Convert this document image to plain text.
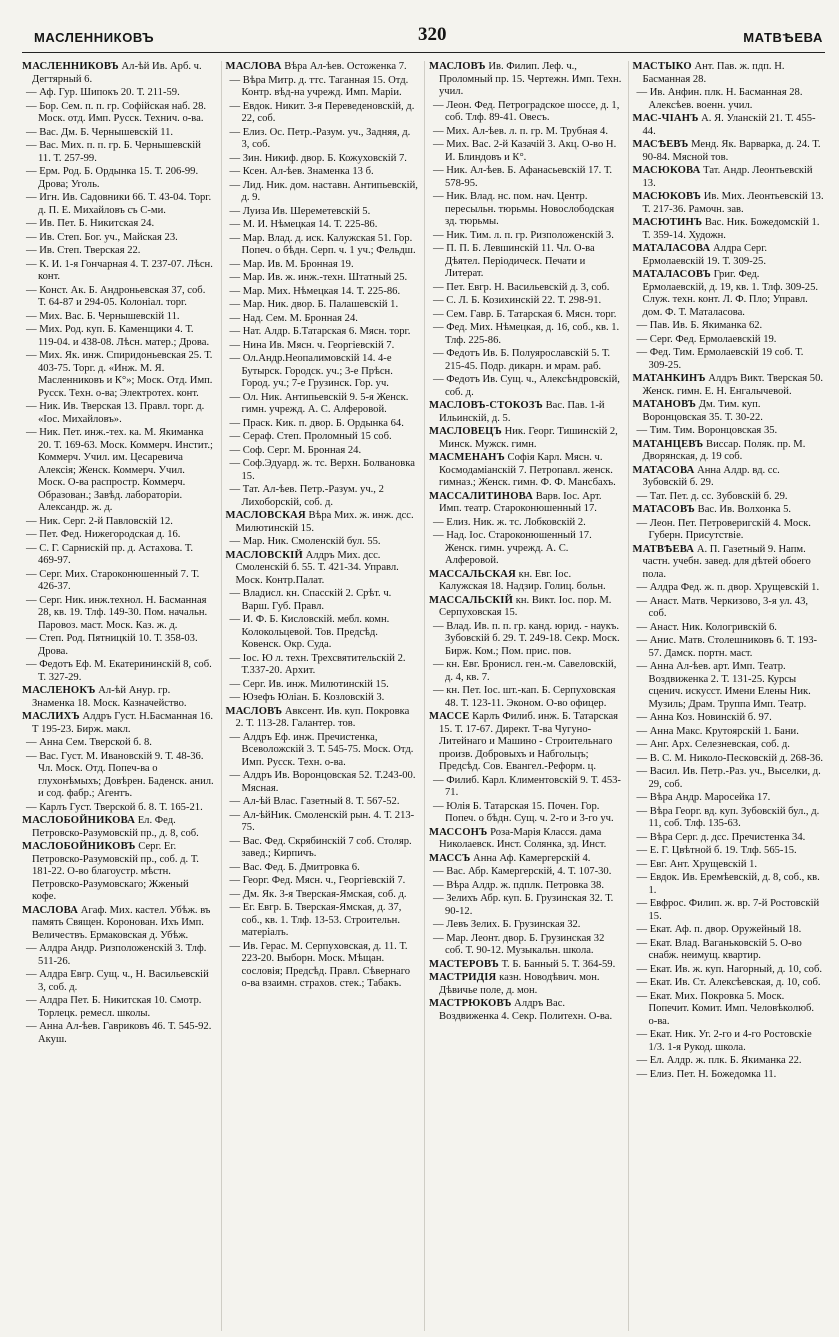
МАСЛЕННИКОВЪ	320	МАТВѢЕВА
МАСЛЕННИКОВЪ Ал-ѣй Ив. Арб. ч. Дегтярный 6.
— Аф. Гур. Шипокъ 20. Т. 211-59.
— Бор. Сем. п. п. гр. Софійская наб. 28. Моск. отд. Имп. Русск. Технич. о-ва.
— Вас. Дм. Б. Чернышевскій 11.
— Вас. Мих. п. п. гр. Б. Чернышевскій 11. Т. 257-99.
— Ерм. Род. Б. Ордынка 15. Т. 206-99. Дрова; Уголь.
— Игн. Ив. Садовники 66. Т. 43-04. Торг. д. П. Е. Михайловъ съ С-ми.
— Ив. Пет. Б. Никитская 24.
— Ив. Степ. Бог. уч., Майская 23.
— Ив. Степ. Тверская 22.
— К. И. 1-я Гончарная 4. Т. 237-07. Лѣсн. конт.
— Конст. Ак. Б. Андроньевская 37, соб. Т. 64-87 и 294-05. Колоніал. торг.
— Мих. Вас. Б. Чернышевскій 11.
— Мих. Род. куп. Б. Каменщики 4. Т. 119-04. и 438-08. Лѣсн. матер.; Дрова.
— Мих. Як. инж. Спиридоньевская 25. Т. 403-75. Торг. д. «Инж. М. Я. Масленниковъ и К°»; Моск. Отд. Имп. Русск. Техн. о-ва; Электротех. конт.
— Ник. Ив. Тверская 13. Правл. торг. д. «Іос. Михайловъ».
— Ник. Пет. инж.-тех. ка. М. Якиманка 20. Т. 169-63. Моск. Коммерч. Инстит.; Коммерч. Учил. им. Цесаревича Алексія; Женск. Коммерч. Учил. Моск. О-ва распростр. Коммерч. Образован.; Завѣд. лабораторіи. Александр. ж. д.
— Ник. Серг. 2-й Павловскій 12.
— Пет. Фед. Нижегородская д. 16.
— С. Г. Сарнискій пр. д. Астахова. Т. 469-97.
— Серг. Мих. Староконюшенный 7. Т. 426-37.
— Серг. Ник. инж.технол. Н. Басманная 28, кв. 19. Тлф. 149-30. Пом. начальн. Паровоз. маст. Моск. Каз. ж. д.
— Степ. Род. Пятницкій 10. Т. 358-03. Дрова.
— Федотъ Еф. М. Екатерининскій 8, соб. Т. 327-29.
МАСЛЕНОКЪ Ал-ѣй Анур. гр. Знаменка 18. Моск. Казначейство.
МАСЛИХЪ Алдръ Густ. Н.Басманная 16. Т 195-23. Бирж. макл.
— Анна Сем. Тверской б. 8.
— Вас. Густ. М. Ивановскій 9. Т. 48-36. Чл. Моск. Отд. Попеч-ва о глухонѣмыхъ; Довѣрен. Баденск. анил. и сод. фабр.; Агентъ.
— Карлъ Густ. Тверской б. 8. Т. 165-21.
МАСЛОБОЙНИКОВА Ел. Фед. Петровско-Разумовскій пр., д. 8, соб.
МАСЛОБОЙНИКОВЪ Серг. Ег. Петровско-Разумовскій пр., соб. д. Т. 181-22. О-во благоустр. мѣстн. Петровско-Разумовскаго; Жженый кофе.
МАСЛОВА Агаф. Мих. кастел. Убѣж. въ память Священ. Коронован. Ихъ Имп. Величествъ. Ермаковская д. Убѣж.
— Алдра Андр. Ризположенскій 3. Тлф. 511-26.
— Алдра Евгр. Сущ. ч., Н. Васильевскій 3, соб. д.
— Алдра Пет. Б. Никитская 10. Смотр. Торлецк. ремесл. школы.
— Анна Ал-ѣев. Гавриковъ 46. Т. 545-92. Акуш.
МАСЛОВА Вѣра Ал-ѣев. Остоженка 7.
— Вѣра Митр. д. ттс. Таганная 15. Отд. Контр. вѣд-на учрежд. Имп. Маріи.
— Евдок. Никит. 3-я Переведеновскій, д. 22, соб.
— Елиз. Ос. Петр.-Разум. уч., Задняя, д. 3, соб.
— Зин. Никиф. двор. Б. Кожуховскій 7.
— Ксен. Ал-ѣев. Знаменка 13 б.
— Лид. Ник. дом. наставн. Антипьевскій, д. 9.
— Луиза Ив. Шереметевскій 5.
— М. И. Нѣмецкая 14. Т. 225-86.
— Мар. Влад. д. иск. Калужская 51. Гор. Попеч. о бѣдн. Серп. ч. 1 уч.; Фельдш.
— Мар. Ив. М. Бронная 19.
— Мар. Ив. ж. инж.-техн. Штатный 25.
— Мар. Мих. Нѣмецкая 14. Т. 225-86.
— Мар. Ник. двор. Б. Палашевскій 1.
— Над. Сем. М. Бронная 24.
— Нат. Алдр. Б.Татарская 6. Мясн. торг.
— Нина Ив. Мясн. ч. Георгіевскій 7.
— Ол.Андр.Неопалимовскій 14. 4-е Бутырск. Городск. уч.; 3-е Прѣсн. Город. уч.; 7-е Грузинск. Гор. уч.
— Ол. Ник. Антипьевскій 9. 5-я Женск. гимн. учрежд. А. С. Алферовой.
— Праск. Кик. п. двор. Б. Ордынка 64.
— Сераф. Степ. Проломный 15 соб.
— Соф. Серг. М. Бронная 24.
— Соф.Эдуард. ж. тс. Верхн. Болвановка 15.
— Тат. Ал-ѣев. Петр.-Разум. уч., 2 Лихоборскій, соб. д.
МАСЛОВСКАЯ Вѣра Мих. ж. инж. дсс. Милютинскій 15.
— Мар. Ник. Смоленскій бул. 55.
МАСЛОВСКІЙ Алдръ Мих. дсс. Смоленскій б. 55. Т. 421-34. Управл. Моск. Контр.Палат.
— Владисл. кн. Спасскій 2. Срѣт. ч. Варш. Губ. Правл.
— И. Ф. Б. Кисловскій. мебл. комн. Колокольцевой. Тов. Предсѣд. Ковенск. Окр. Суда.
— Іос. Ю л. техн. Трехсвятительскій 2. Т.337-20. Архит.
— Серг. Ив. инж. Милютинскій 15.
— Юзефъ Юліан. Б. Козловскій 3.
МАСЛОВЪ Авксент. Ив. куп. Покровка 2. Т. 113-28. Галантер. тов.
— Алдръ Еф. инж. Пречистенка, Всеволожскій 3. Т. 545-75. Моск. Отд. Имп. Русск. Техн. о-ва.
— Алдръ Ив. Воронцовская 52. Т.243-00. Мясная.
— Ал-ѣй Влас. Газетный 8. Т. 567-52.
— Ал-ѣйНик. Смоленскій рын. 4. Т. 213-75.
— Вас. Фед. Скрябинскій 7 соб. Столяр. завед.; Кирпичъ.
— Вас. Фед. Б. Дмитровка 6.
— Георг. Фед. Мясн. ч., Георгіевскій 7.
— Дм. Як. 3-я Тверская-Ямская, соб. д.
— Ег. Евгр. Б. Тверская-Ямская, д. 37, соб., кв. 1. Тлф. 13-53. Строительн. матеріалъ.
— Ив. Герас. М. Серпуховская, д. 11. Т. 223-20. Выборн. Моск. Мѣщан. сословія; Предсѣд. Правл. Сѣвернаго о-ва взаимн. страхов. стек.; Табакъ.
МАСЛОВЪ Ив. Филип. Леф. ч., Проломный пр. 15. Чертежн. Имп. Техн. учил.
— Леон. Фед. Петроградское шоссе, д. 1, соб. Тлф. 89-41. Овесъ.
— Мих. Ал-ѣев. л. п. гр. М. Трубная 4.
— Мих. Вас. 2-й Казачій 3. Акц. О-во Н. И. Блиндовъ и К°.
— Ник. Ал-ѣев. Б. Афанасьевскій 17. Т. 578-95.
— Ник. Влад. нс. пом. нач. Центр. пересыльн. тюрьмы. Новослободская зд. тюрьмы.
— Ник. Тим. л. п. гр. Ризположенскій 3.
— П. П. Б. Левшинскій 11. Чл. О-ва Дѣятел. Періодическ. Печати и Литерат.
— Пет. Евгр. Н. Васильевскій д. 3, соб.
— С. Л. Б. Козихинскій 22. Т. 298-91.
— Сем. Гавр. Б. Татарская 6. Мясн. торг.
— Фед. Мих. Нѣмецкая, д. 16, соб., кв. 1. Тлф. 225-86.
— Федотъ Ив. Б. Полуярославскій 5. Т. 215-45. Подр. дикарн. и мрам. раб.
— Федотъ Ив. Сущ. ч., Алексѣндровскій, соб. д.
МАСЛОВЪ-СТОКОЗЪ Вас. Пав. 1-й Ильинскій, д. 5.
МАСЛОВЕЦЪ Ник. Георг. Тишинскій 2, Минск. Мужск. гимн.
МАСМЕНАНЪ Софія Карл. Мясн. ч. Космодаміанскій 7. Петропавл. женск. гимназ.; Женск. гимн. Ф. Ф. Мансбахъ.
МАССАЛИТИНОВА Варв. Іос. Арт. Имп. театр. Староконюшенный 17.
— Елиз. Ник. ж. тс. Лобковскій 2.
— Над. Іос. Староконюшенный 17. Женск. гимн. учрежд. А. С. Алферовой.
МАССАЛЬСКАЯ кн. Евг. Іос. Калужская 18. Надзир. Голиц. больн.
МАССАЛЬСКІЙ кн. Викт. Іос. пор. М. Серпуховская 15.
— Влад. Ив. п. п. гр. канд. юрид. - наукъ. Зубовскій б. 29. Т. 249-18. Секр. Моск. Бирж. Ком.; Пом. прис. пов.
— кн. Евг. Бронисл. ген.-м. Савеловскій, д. 4, кв. 7.
— кн. Пет. Іос. шт.-кап. Б. Серпуховская 48. Т. 123-11. Эконом. О-во офицер.
МАССЕ Карлъ Филиб. инж. Б. Татарская 15. Т. 17-67. Директ. Т-ва Чугуно-Литейнаго и Машино - Строительнаго произв. Добровыхъ и Набгольцъ; Предсѣд. Сов. Евангел.-Реформ. ц.
— Филиб. Карл. Климентовскій 9. Т. 453-71.
— Юлія Б. Татарская 15. Почен. Гор. Попеч. о бѣдн. Сущ. ч. 2-го и 3-го уч.
МАССОНЪ Роза-Марія Класся. дама Николаевск. Инст. Солянка, зд. Инст.
МАССЪ Анна Аф. Камергерскій 4.
— Вас. Абр. Камергерскій, 4. Т. 107-30.
— Вѣра Алдр. ж. пдплк. Петровка 38.
— Зелихъ Абр. куп. Б. Грузинская 32. Т. 90-12.
— Левъ Зелих. Б. Грузинская 32.
— Мар. Леонт. двор. Б. Грузинская 32 соб. Т. 90-12. Музыкальн. школа.
МАСТЕРОВЪ Т. Б. Банный 5. Т. 364-59.
МАСТРИДІЯ казн. Новодѣвич. мон. Дѣвичье поле, д. мон.
МАСТРЮКОВЪ Алдръ Вас. Воздвиженка 4. Секр. Политехн. О-ва.
МАСТЫКО Ант. Пав. ж. пдп. Н. Басманная 28.
— Ив. Анфин. плк. Н. Басманная 28. Алексѣев. военн. учил.
МАС-ЧІАНЪ А. Я. Уланскій 21. Т. 455-44.
МАСѢЕВЪ Менд. Як. Варварка, д. 24. Т. 90-84. Мясной тов.
МАСЮКОВА Тат. Андр. Леонтьевскій 13.
МАСЮКОВЪ Ив. Мих. Леонтьевскій 13. Т. 217-36. Рамочн. зав.
МАСЮТИНЪ Вас. Ник. Божедомскій 1. Т. 359-14. Художн.
МАТАЛАСОВА Алдра Серг. Ермолаевскій 19. Т. 309-25.
МАТАЛАСОВЪ Григ. Фед. Ермолаевскій, д. 19, кв. 1. Тлф. 309-25. Служ. техн. конт. Л. Ф. Пло; Управл. дом. Ф. Т. Маталасова.
— Пав. Ив. Б. Якиманка 62.
— Серг. Фед. Ермолаевскій 19.
— Фед. Тим. Ермолаевскій 19 соб. Т. 309-25.
МАТАНКИНЪ Алдръ Викт. Тверская 50. Женск. гимн. Е. Н. Енгалычевой.
МАТАНОВЪ Дм. Тим. куп. Воронцовская 35. Т. 30-22.
— Тим. Тим. Воронцовская 35.
МАТАНЦЕВЪ Виссар. Поляк. пр. М. Дворянская, д. 19 соб.
МАТАСОВА Анна Алдр. вд. сс. Зубовскій б. 29.
— Тат. Пет. д. сс. Зубовскій б. 29.
МАТАСОВЪ Вас. Ив. Волхонка 5.
— Леон. Пет. Петроверигскій 4. Моск. Губерн. Присутствіе.
МАТВѢЕВА А. П. Газетный 9. Напм. частн. учебн. завед. для дѣтей обоего пола.
— Алдра Фед. ж. п. двор. Хрущевскій 1.
— Анаст. Матв. Черкизово, 3-я ул. 43, соб.
— Анаст. Ник. Кологривскій 6.
— Анис. Матв. Столешниковъ 6. Т. 193-57. Дамск. портн. маст.
— Анна Ал-ѣев. арт. Имп. Театр. Воздвиженка 2. Т. 131-25. Курсы сценич. искусст. Имени Елены Ник. Музиль; Драм. Труппа Имп. Театр.
— Анна Коз. Новинскій б. 97.
— Анна Макс. Крутоярскій 1. Бани.
— Анг. Арх. Селезневская, соб. д.
— В. С. М. Николо-Песковскій д. 268-36.
— Васил. Ив. Петр.-Раз. уч., Выселки, д. 29, соб.
— Вѣра Андр. Маросейка 17.
— Вѣра Георг. вд. куп. Зубовскій бул., д. 11, соб. Тлф. 135-63.
— Вѣра Серг. д. дсс. Пречистенка 34.
— Е. Г. Цвѣтной б. 19. Тлф. 565-15.
— Евг. Ант. Хрущевскій 1.
— Евдок. Ив. Еремѣевскій, д. 8, соб., кв. 1.
— Евфрос. Филип. ж. вр. 7-й Ростовскій 15.
— Екат. Аф. п. двор. Оружейный 18.
— Екат. Влад. Ваганьковскій 5. О-во снабж. неимущ. квартир.
— Екат. Ив. ж. куп. Нагорный, д. 10, соб.
— Екат. Ив. Ст. Алексѣевская, д. 10, соб.
— Екат. Мих. Покровка 5. Моск. Попечит. Комит. Имп. Человѣколюб. о-ва.
— Екат. Ник. Уг. 2-го и 4-го Ростовскіе 1/3. 1-я Рукод. школа.
— Ел. Алдр. ж. плк. Б. Якиманка 22.
— Елиз. Пет. Н. Божедомка 11.
